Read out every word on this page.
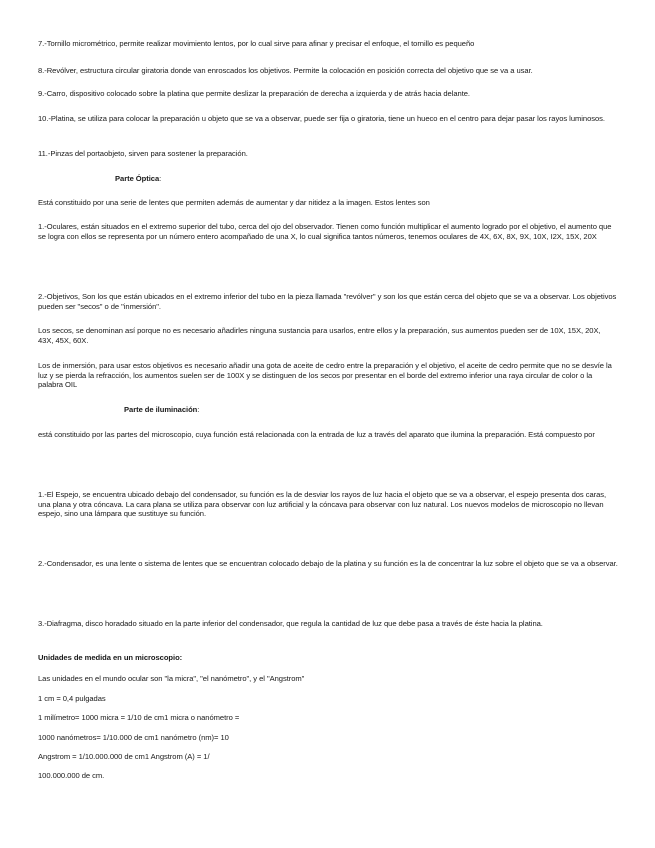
7.-Tornillo micrométrico, permite realizar movimiento lentos, por lo cual sirve para afinar y precisar el enfoque, el tornillo es pequeño

8.-Revólver, estructura circular giratoria donde van enroscados los objetivos. Permite la colocación en posición correcta del objetivo que se va a usar.

9.-Carro, dispositivo colocado sobre la platina que permite deslizar la preparación de derecha a izquierda y de atrás hacia delante.

10.-Platina, se utiliza para colocar la preparación u objeto que se va a observar, puede ser fija o giratoria, tiene un hueco en el centro para dejar pasar los rayos luminosos.

11.-Pinzas del portaobjeto, sirven para sostener la preparación.

Parte Óptica:

Está constituido por una serie de lentes que permiten además de aumentar y dar nitidez a la imagen. Estos lentes son

1.-Oculares, están situados en el extremo superior del tubo, cerca del ojo del observador. Tienen como función multiplicar el aumento logrado por el objetivo, el aumento que se logra con ellos se representa por un número entero acompañado de una X, lo cual significa tantos números, tenemos oculares de 4X, 6X, 8X, 9X, 10X, I2X, 15X, 20X

2.-Objetivos, Son los que están ubicados en el extremo inferior del tubo en la pieza llamada "revólver" y son los que están cerca del objeto que se va a observar. Los objetivos pueden ser "secos" o de "inmersión".

Los secos, se denominan así porque no es necesario añadirles ninguna sustancia para usarlos, entre ellos y la preparación, sus aumentos pueden ser de 10X, 15X, 20X, 43X, 45X, 60X.

Los de inmersión, para usar estos objetivos es necesario añadir una gota de aceite de cedro entre la preparación y el objetivo, el aceite de cedro permite que no se desvíe la luz y se pierda la refracción, los aumentos suelen ser de 100X y se distinguen de los secos por presentar en el borde del extremo inferior una raya circular de color o la palabra OIL

Parte de iluminación:

está constituido por las partes del microscopio, cuya función está relacionada con la entrada de luz a través del aparato que ilumina la preparación. Está compuesto por

1.-El Espejo, se encuentra ubicado debajo del condensador, su función es la de desviar los rayos de luz hacia el objeto que se va a observar, el espejo presenta dos caras, una plana y otra cóncava. La cara plana se utiliza para observar con luz artificial y la cóncava para observar con luz natural. Los nuevos modelos de microscopio no llevan espejo, sino una lámpara que sustituye su función.

2.-Condensador, es una lente o sistema de lentes que se encuentran colocado debajo de la platina y su función es la de concentrar la luz sobre el objeto que se va a observar.

3.-Diafragma, disco horadado situado en la parte inferior del condensador, que regula la cantidad de luz que debe pasa a través de éste hacia la platina.

Unidades de medida en un microscopio:

Las unidades en el mundo ocular son "la micra", "el nanómetro", y el "Angstrom"

1 cm = 0,4 pulgadas

1 milímetro= 1000 micra = 1/10 de cm1 micra o nanómetro =

1000 nanómetros= 1/10.000 de cm1 nanómetro (nm)= 10

Angstrom = 1/10.000.000 de cm1 Angstrom (A) = 1/

100.000.000 de cm.
